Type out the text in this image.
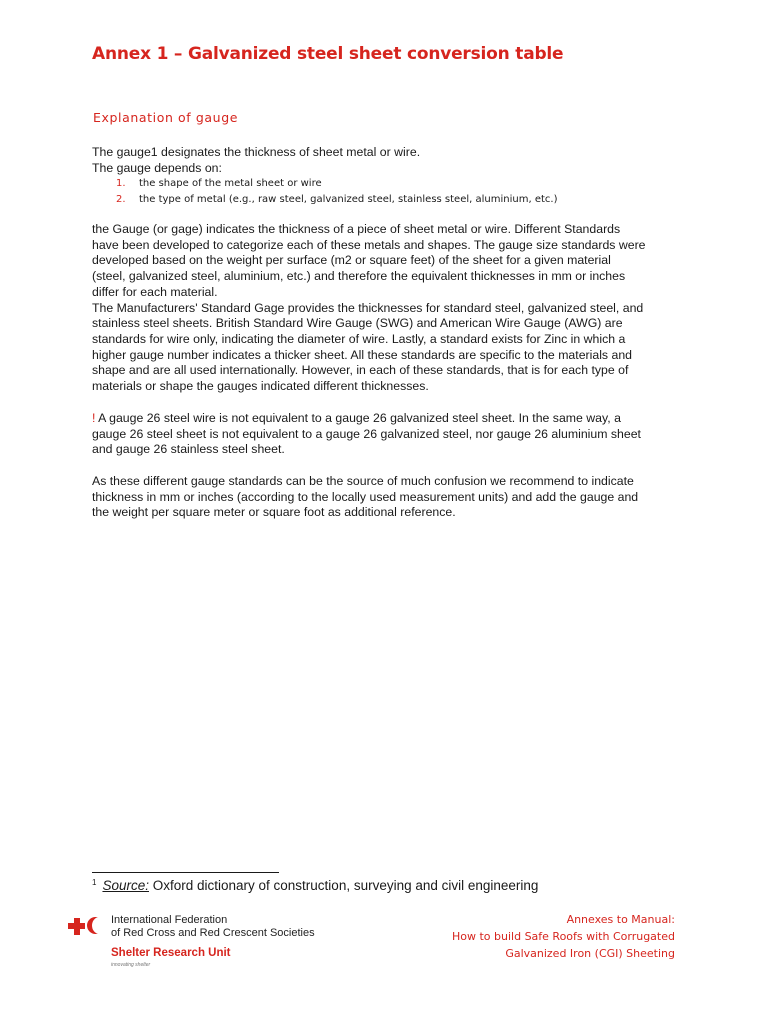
Annex 1 – Galvanized steel sheet conversion table
Explanation of gauge
The gauge1 designates the thickness of sheet metal or wire.
The gauge depends on:
1.	the shape of the metal sheet or wire
2.	the type of metal (e.g., raw steel, galvanized steel, stainless steel, aluminium, etc.)
the Gauge (or gage) indicates the thickness of a piece of sheet metal or wire. Different Standards
have been developed to categorize each of these metals and shapes. The gauge size standards were
developed based on the weight per surface (m2 or square feet) of the sheet for a given material
(steel, galvanized steel, aluminium, etc.) and therefore the equivalent thicknesses in mm or inches
differ for each material.
The Manufacturers' Standard Gage provides the thicknesses for standard steel, galvanized steel, and
stainless steel sheets. British Standard Wire Gauge (SWG) and American Wire Gauge (AWG) are
standards for wire only, indicating the diameter of wire. Lastly, a standard exists for Zinc in which a
higher gauge number indicates a thicker sheet. All these standards are specific to the materials and
shape and are all used internationally. However, in each of these standards, that is for each type of
materials or shape the gauges indicated different thicknesses.
! A gauge 26 steel wire is not equivalent to a gauge 26 galvanized steel sheet. In the same way, a
gauge 26 steel sheet is not equivalent to a gauge 26 galvanized steel, nor gauge 26 aluminium sheet
and gauge 26 stainless steel sheet.
As these different gauge standards can be the source of much confusion we recommend to indicate
thickness in mm or inches (according to the locally used measurement units) and add the gauge and
the weight per square meter or square foot as additional reference.
$^1$ Source: Oxford dictionary of construction, surveying and civil engineering
International Federation
of Red Cross and Red Crescent Societies
Shelter Research Unit
innovating shelter
Annexes to Manual:
How to build Safe Roofs with Corrugated
Galvanized Iron (CGI) Sheeting
